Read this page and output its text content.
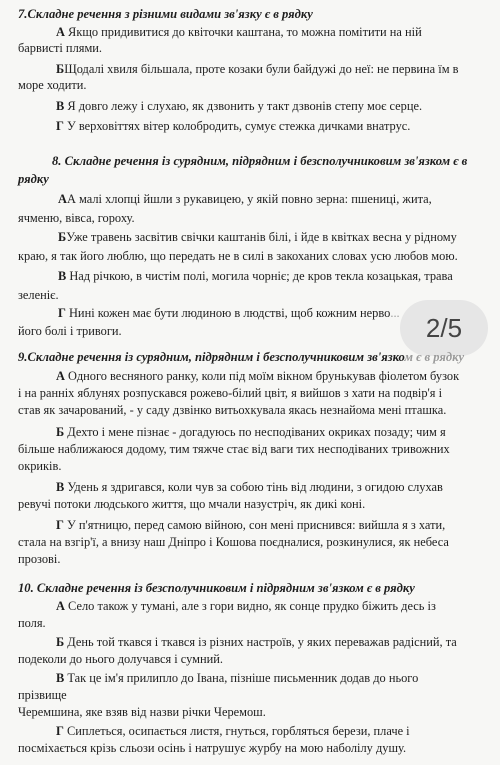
7.Складне речення з різними видами зв'язку є в рядку
А Якщо придивитися до квіточки каштана, то можна помітити на ній
барвисті плями.
БЩодалі хвиля більшала, проте козаки були байдужі до неї: не первина їм в
море ходити.
В Я довго лежу і слухаю, як дзвонить у такт дзвонів степу моє серце.
Г У верховіттях вітер колобродить, сумує стежка дичками внатрус.
8. Складне речення із сурядним, підрядним і безсполучниковим зв'язком є в
рядку
АА малі хлопці йшли з рукавицею, у якій повно зерна: пшениці, жита,
ячменю, вівса, гороху.
БУже травень засвітив свічки каштанів білі, і йде в квітках весна у рідному
краю, я так його люблю, що передать не в силі в закоханих словах усю любов мою.
В Над річкою, в чистім полі, могила чорніє; де кров текла козацькая, трава
зеленіє.
Г Нині кожен має бути людиною в людстві, щоб кожним нерво...
його болі і тривоги.	2/5
9.Складне речення із сурядним, підрядним і безсполучниковим зв'язком є в рядку
А Одного весняного ранку, коли під моїм вікном брунькував фіолетом бузок
і на ранніх яблунях розпускався рожево-білий цвіт, я вийшов з хати на подвір'я і
став як зачарований, - у саду дзвінко витьохкувала якась незнайома мені пташка.
Б Дехто і мене пізнає - догадуюсь по несподіваних окриках позаду; чим я
більше наближаюся додому, тим тяжче стає від ваги тих несподіваних тривожних
окриків.
В Удень я здригався, коли чув за собою тінь від людини, з огидою слухав
ревучі потоки людського життя, що мчали назустріч, як дикі коні.
Г У п'ятницю, перед самою війною, сон мені приснився: вийшла я з хати,
стала на взгір'ї, а внизу наш Дніпро і Кошова поєдналися, розкинулися, як небеса
прозові.
10. Складне речення із безсполучниковим і підрядним зв'язком є в рядку
А Село також у тумані, але з гори видно, як сонце прудко біжить десь із
поля.
Б День той ткався і ткався із різних настроїв, у яких переважав радісний, та
подеколи до нього долучався і сумний.
В Так це ім'я прилипло до Івана, пізніше письменник додав до нього
прізвище
Черемшина, яке взяв від назви річки Черемош.
Г Сиплеться, осипається листя, гнуться, горбляться берези, плаче і
посміхається крізь сльози осінь і натрушує журбу на мою наболілу душу.
